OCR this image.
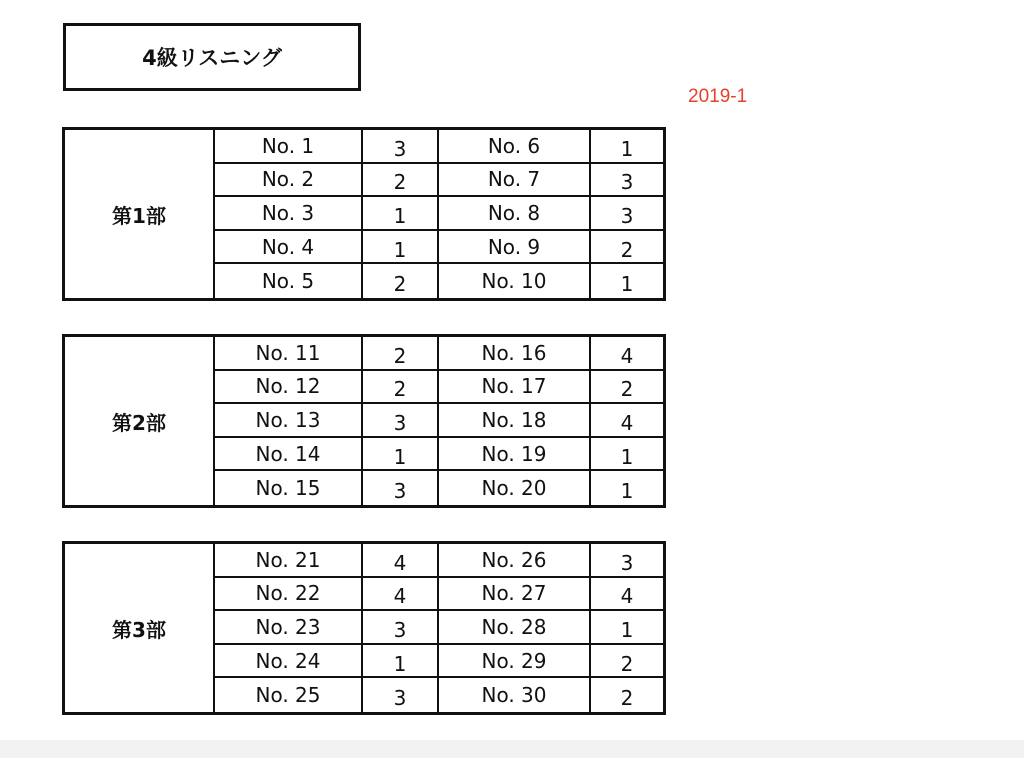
4級リスニング
2019-1
第1部
No. 1	3	No. 6	1
No. 2	2	No. 7	3
No. 3	1	No. 8	3
No. 4	1	No. 9	2
No. 5	2	No. 10	1
第2部
No. 11	2	No. 16	4
No. 12	2	No. 17	2
No. 13	3	No. 18	4
No. 14	1	No. 19	1
No. 15	3	No. 20	1
第3部
No. 21	4	No. 26	3
No. 22	4	No. 27	4
No. 23	3	No. 28	1
No. 24	1	No. 29	2
No. 25	3	No. 30	2
